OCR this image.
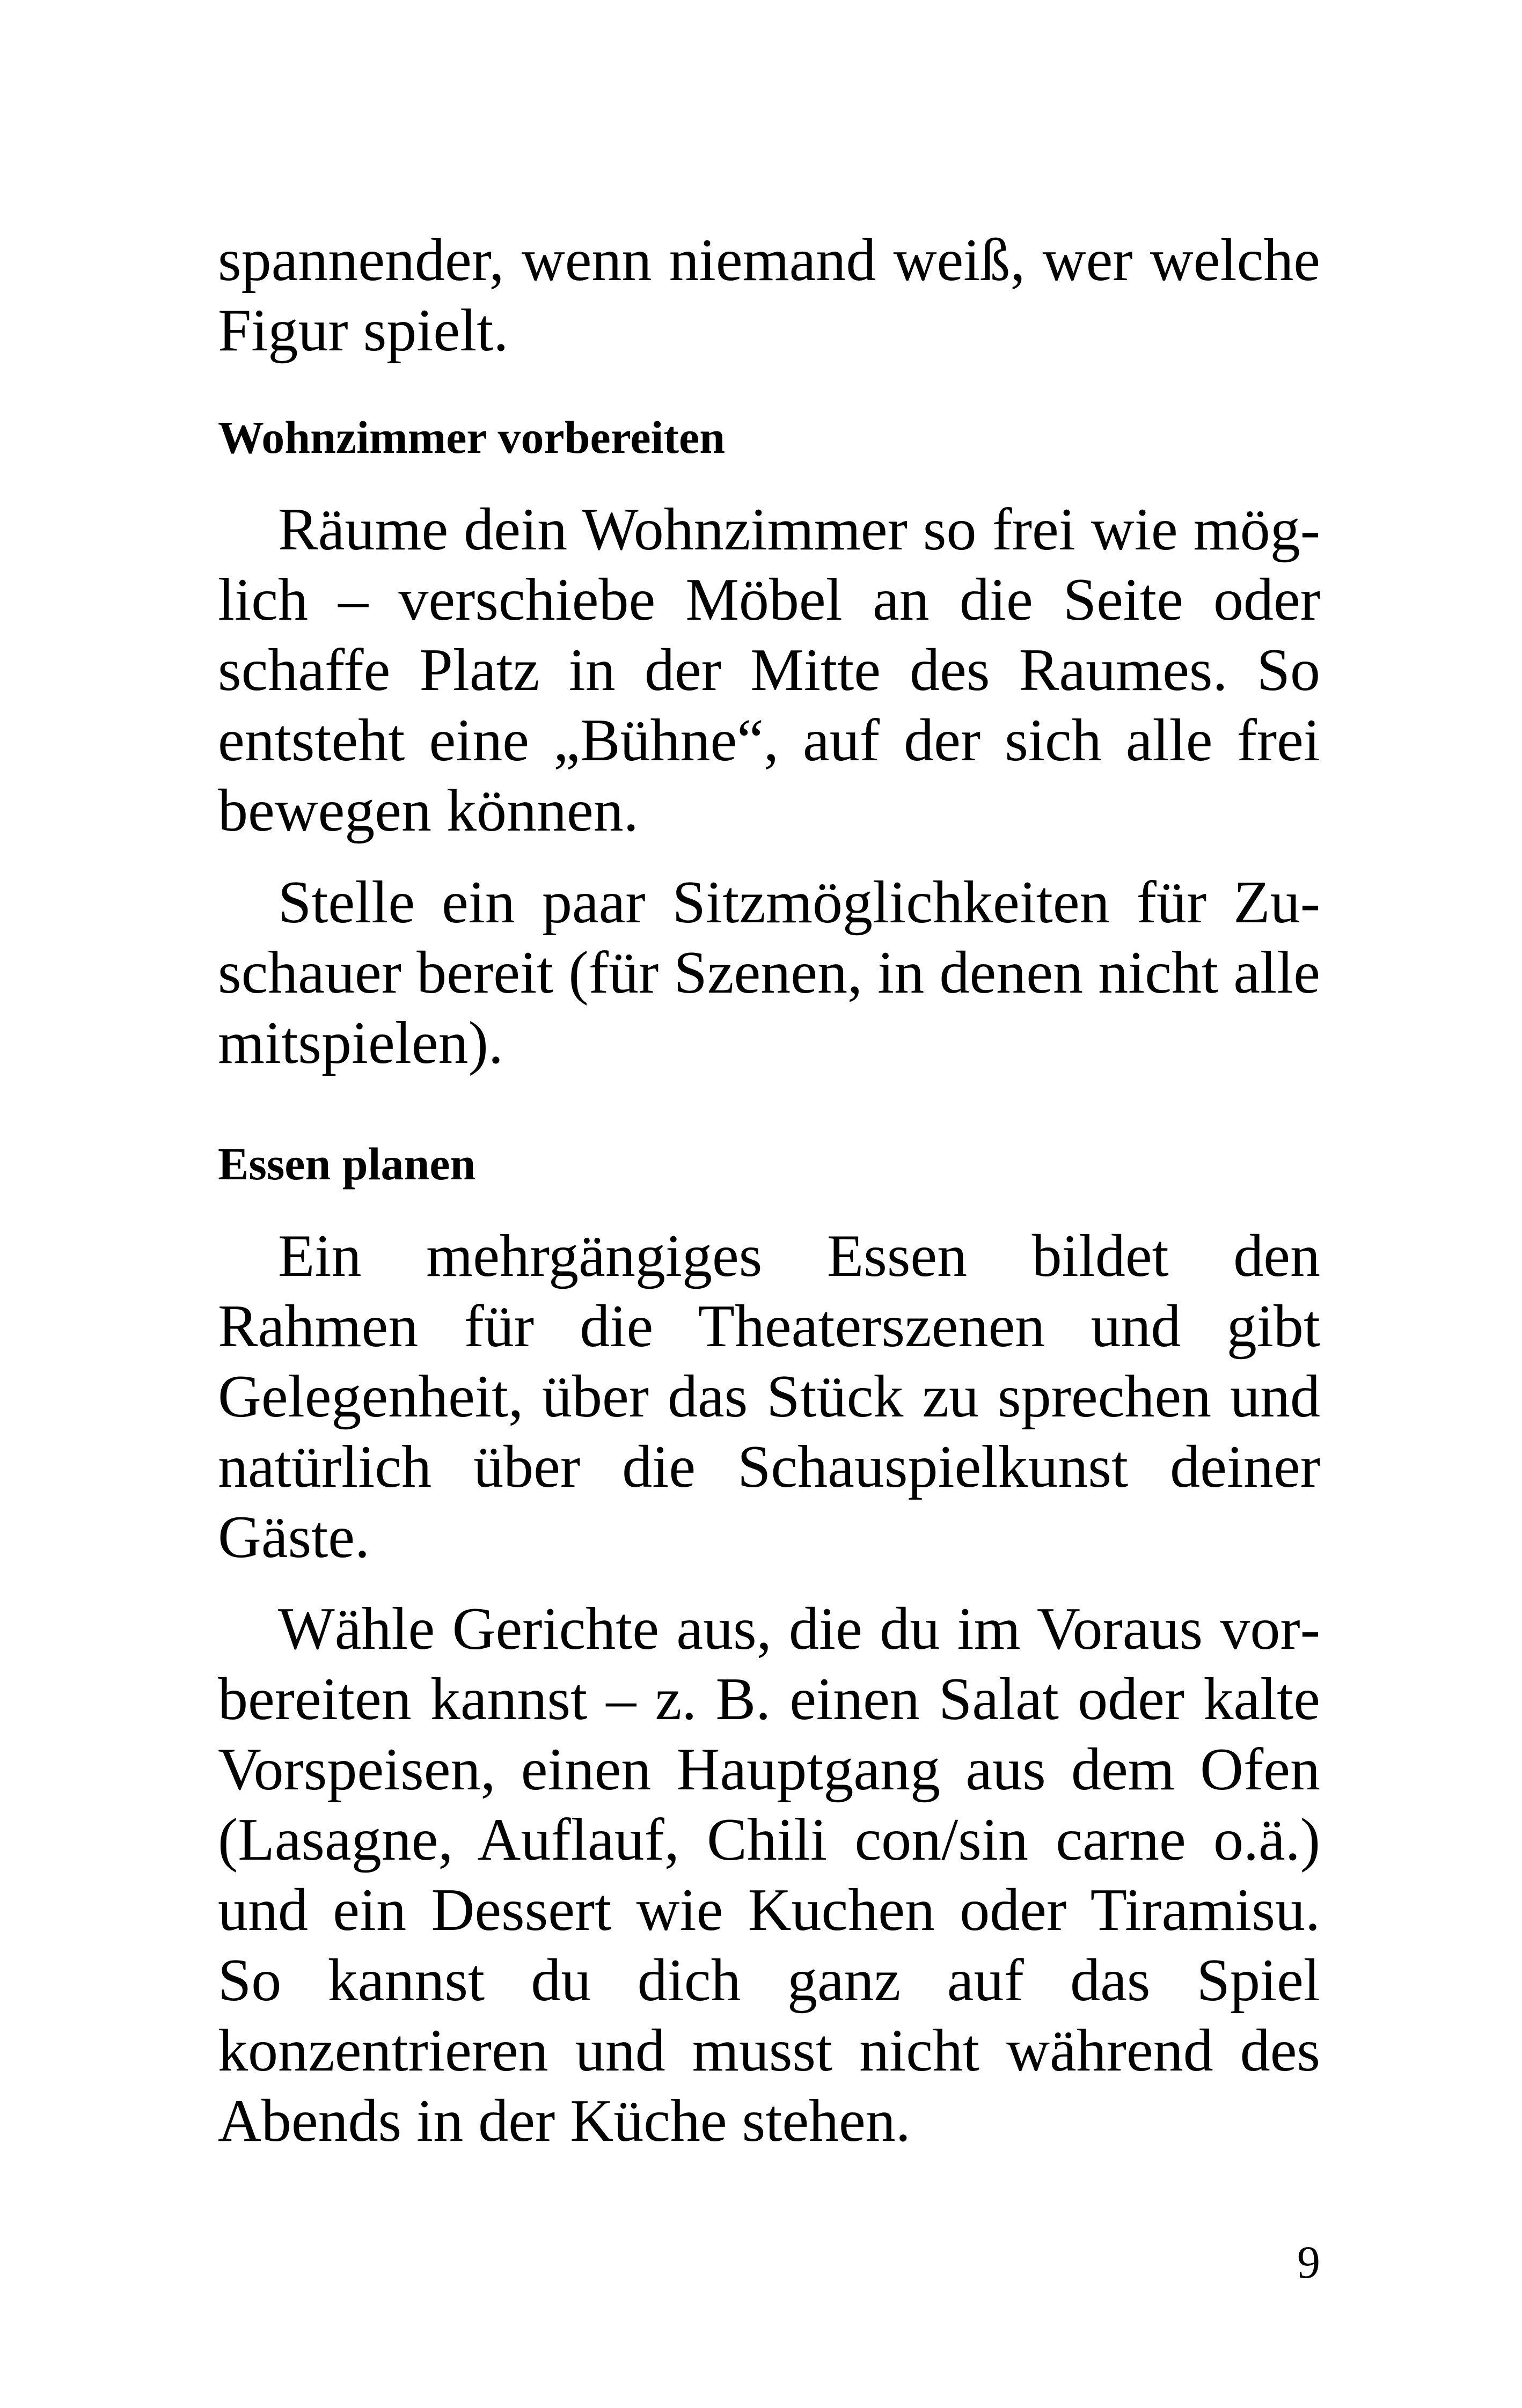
spannender, wenn niemand weiß, wer welche Figur spielt.

Wohnzimmer vorbereiten

Räume dein Wohnzimmer so frei wie möglich – verschiebe Möbel an die Seite oder schaffe Platz in der Mitte des Raumes. So entsteht eine „Bühne“, auf der sich alle frei bewegen können.

Stelle ein paar Sitzmöglichkeiten für Zuschauer bereit (für Szenen, in denen nicht alle mitspielen).

Essen planen

Ein mehrgängiges Essen bildet den Rahmen für die Theaterszenen und gibt Gelegenheit, über das Stück zu sprechen und natürlich über die Schauspielkunst deiner Gäste.

Wähle Gerichte aus, die du im Voraus vorbereiten kannst – z. B. einen Salat oder kalte Vorspeisen, einen Hauptgang aus dem Ofen (Lasagne, Auflauf, Chili con/sin carne o.ä.) und ein Dessert wie Kuchen oder Tiramisu. So kannst du dich ganz auf das Spiel konzentrieren und musst nicht während des Abends in der Küche stehen.

9
